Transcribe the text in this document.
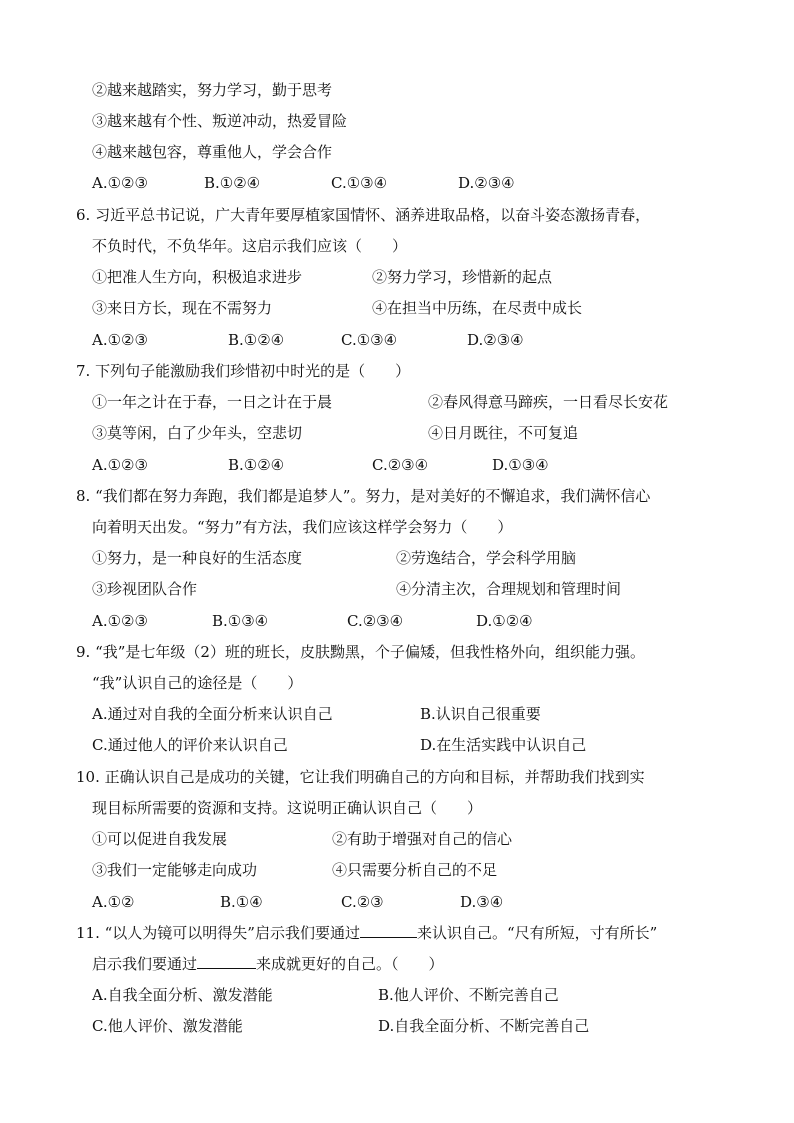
②越来越踏实，努力学习，勤于思考
③越来越有个性、叛逆冲动，热爱冒险
④越来越包容，尊重他人，学会合作
A.①②③	B.①②④	C.①③④	D.②③④
6. 习近平总书记说，广大青年要厚植家国情怀、涵养进取品格，以奋斗姿态激扬青春，
不负时代，不负华年。这启示我们应该（　　）
①把准人生方向，积极追求进步	②努力学习，珍惜新的起点
③来日方长，现在不需努力	④在担当中历练，在尽责中成长
A.①②③	B.①②④	C.①③④	D.②③④
7. 下列句子能激励我们珍惜初中时光的是（　　）
①一年之计在于春，一日之计在于晨	②春风得意马蹄疾，一日看尽长安花
③莫等闲，白了少年头，空悲切	④日月既往，不可复追
A.①②③	B.①②④	C.②③④	D.①③④
8. “我们都在努力奔跑，我们都是追梦人”。努力，是对美好的不懈追求，我们满怀信心
向着明天出发。“努力”有方法，我们应该这样学会努力（　　）
①努力，是一种良好的生活态度	②劳逸结合，学会科学用脑
③珍视团队合作	④分清主次，合理规划和管理时间
A.①②③	B.①③④	C.②③④	D.①②④
9. “我”是七年级（2）班的班长，皮肤黝黑，个子偏矮，但我性格外向，组织能力强。
“我”认识自己的途径是（　　）
A.通过对自我的全面分析来认识自己	B.认识自己很重要
C.通过他人的评价来认识自己	D.在生活实践中认识自己
10. 正确认识自己是成功的关键，它让我们明确自己的方向和目标，并帮助我们找到实
现目标所需要的资源和支持。这说明正确认识自己（　　）
①可以促进自我发展	②有助于增强对自己的信心
③我们一定能够走向成功	④只需要分析自己的不足
A.①②	B.①④	C.②③	D.③④
11. “以人为镜可以明得失”启示我们要通过	来认识自己。“尺有所短，寸有所长”
启示我们要通过	来成就更好的自己。（　　）
A.自我全面分析、激发潜能	B.他人评价、不断完善自己
C.他人评价、激发潜能	D.自我全面分析、不断完善自己
